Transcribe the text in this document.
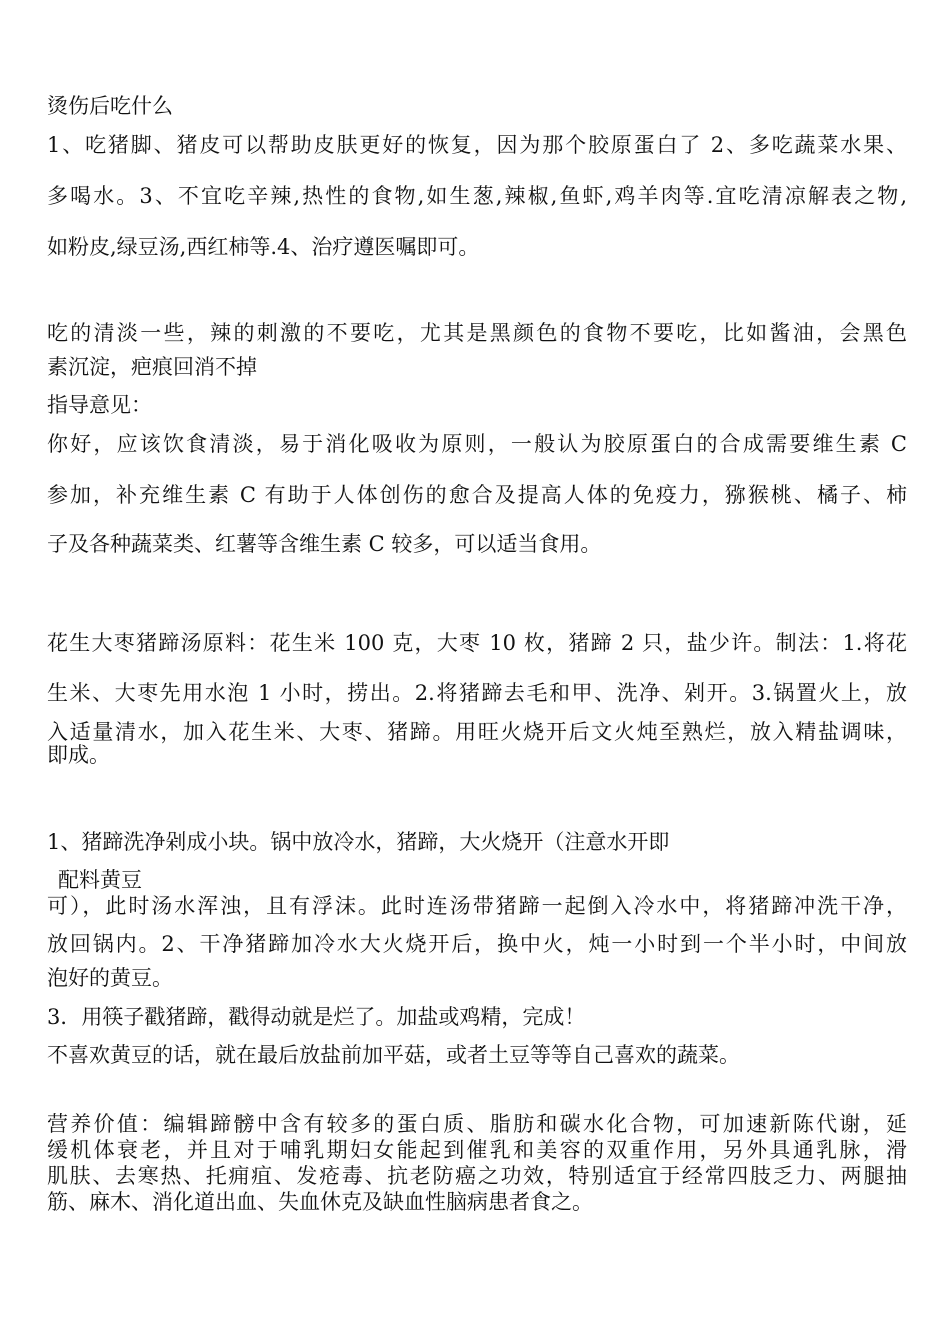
烫伤后吃什么
1、吃猪脚、猪皮可以帮助皮肤更好的恢复，因为那个胶原蛋白了 2、多吃蔬菜水果、
多喝水。3、不宜吃辛辣,热性的食物,如生葱,辣椒,鱼虾,鸡羊肉等.宜吃清凉解表之物,
如粉皮,绿豆汤,西红柿等.4、治疗遵医嘱即可。
吃的清淡一些，辣的刺激的不要吃，尤其是黑颜色的食物不要吃，比如酱油，会黑色
素沉淀，疤痕回消不掉
指导意见：
你好，应该饮食清淡，易于消化吸收为原则，一般认为胶原蛋白的合成需要维生素 C
参加，补充维生素 C 有助于人体创伤的愈合及提高人体的免疫力，猕猴桃、橘子、柿
子及各种蔬菜类、红薯等含维生素 C 较多，可以适当食用。
花生大枣猪蹄汤原料：花生米 100 克，大枣 10 枚，猪蹄 2 只，盐少许。制法：1.将花
生米、大枣先用水泡 1 小时，捞出。2.将猪蹄去毛和甲、洗净、剁开。3.锅置火上，放
入适量清水，加入花生米、大枣、猪蹄。用旺火烧开后文火炖至熟烂，放入精盐调味，
即成。
1、猪蹄洗净剁成小块。锅中放冷水，猪蹄，大火烧开（注意水开即
配料黄豆
可），此时汤水浑浊，且有浮沫。此时连汤带猪蹄一起倒入冷水中，将猪蹄冲洗干净，
放回锅内。2、干净猪蹄加冷水大火烧开后，换中火，炖一小时到一个半小时，中间放
泡好的黄豆。
3．用筷子戳猪蹄，戳得动就是烂了。加盐或鸡精，完成！
不喜欢黄豆的话，就在最后放盐前加平菇，或者土豆等等自己喜欢的蔬菜。
营养价值：编辑蹄髈中含有较多的蛋白质、脂肪和碳水化合物，可加速新陈代谢，延
缓机体衰老，并且对于哺乳期妇女能起到催乳和美容的双重作用，另外具通乳脉，滑
肌肤、去寒热、托痈疽、发疮毒、抗老防癌之功效，特别适宜于经常四肢乏力、两腿抽
筋、麻木、消化道出血、失血休克及缺血性脑病患者食之。
